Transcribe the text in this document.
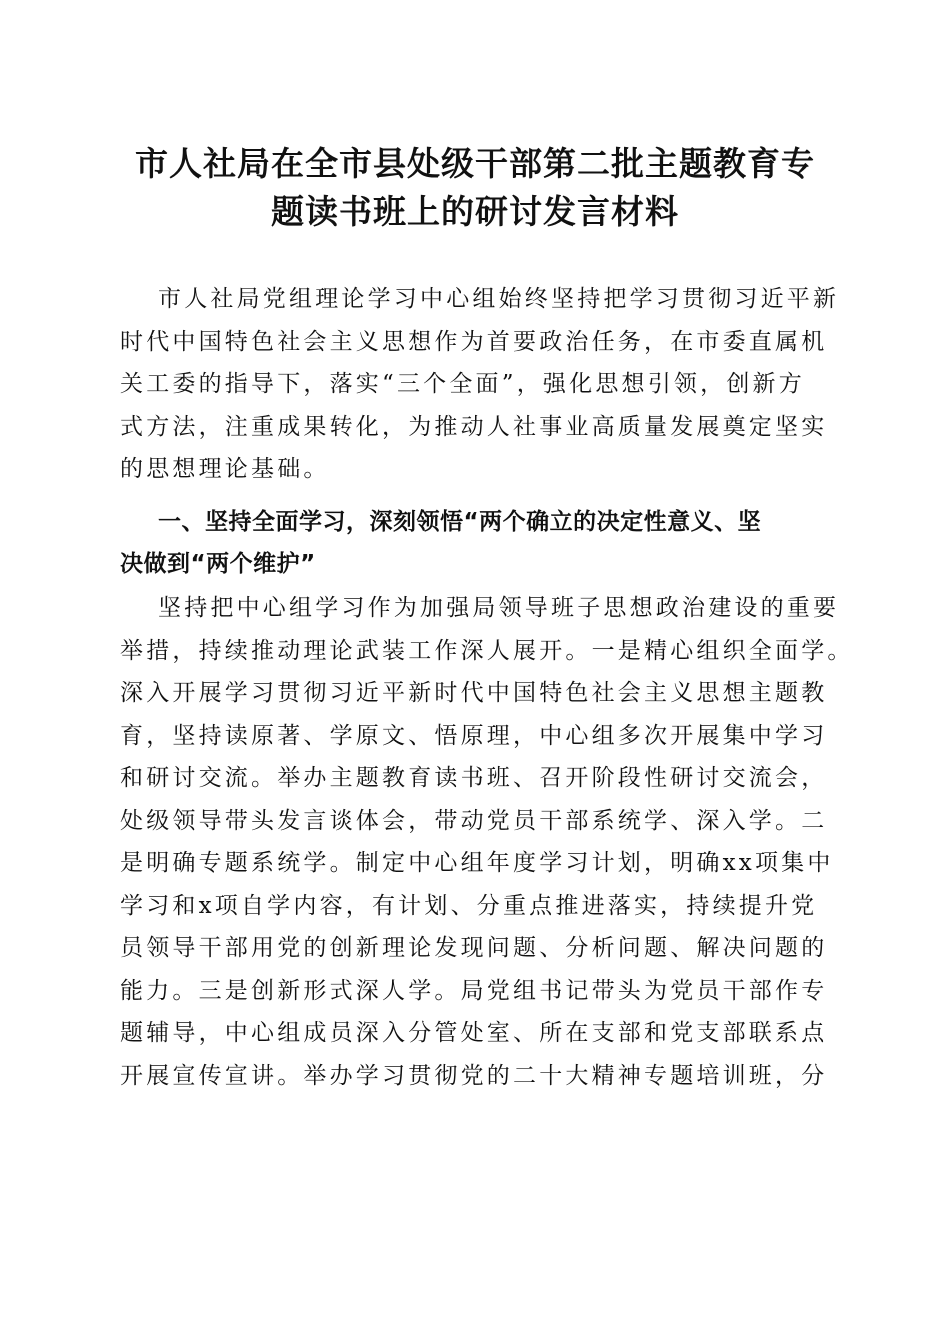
市人社局在全市县处级干部第二批主题教育专
题读书班上的研讨发言材料
市人社局党组理论学习中心组始终坚持把学习贯彻习近平新
时代中国特色社会主义思想作为首要政治任务，在市委直属机
关工委的指导下，落实“三个全面”，强化思想引领，创新方
式方法，注重成果转化，为推动人社事业高质量发展奠定坚实
的思想理论基础。
一、坚持全面学习，深刻领悟“两个确立的决定性意义、坚
决做到“两个维护”
坚持把中心组学习作为加强局领导班子思想政治建设的重要
举措，持续推动理论武装工作深人展开。一是精心组织全面学。
深入开展学习贯彻习近平新时代中国特色社会主义思想主题教
育，坚持读原著、学原文、悟原理，中心组多次开展集中学习
和研讨交流。举办主题教育读书班、召开阶段性研讨交流会，
处级领导带头发言谈体会，带动党员干部系统学、深入学。二
是明确专题系统学。制定中心组年度学习计划，明确xx项集中
学习和x项自学内容，有计划、分重点推进落实，持续提升党
员领导干部用党的创新理论发现问题、分析问题、解决问题的
能力。三是创新形式深人学。局党组书记带头为党员干部作专
题辅导，中心组成员深入分管处室、所在支部和党支部联系点
开展宣传宣讲。举办学习贯彻党的二十大精神专题培训班，分
